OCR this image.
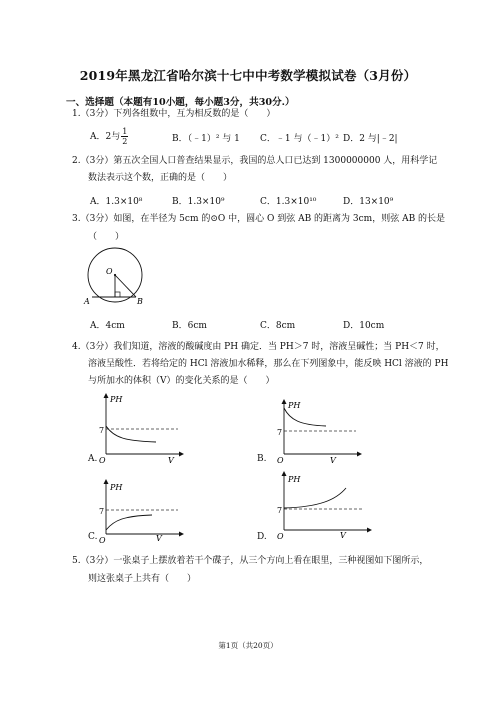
2019年黑龙江省哈尔滨十七中中考数学模拟试卷（3月份）
一、选择题（本题有10小题，每小题3分，共30分.）
1.（3分）下列各组数中，互为相反数的是（　　）
A．2与 $\frac{1}{2}$	B．（﹣1）² 与 1 C．﹣1 与（﹣1）² D．2 与|﹣2|
2.（3分）第五次全国人口普查结果显示，我国的总人口已达到 1300000000 人，用科学记
数法表示这个数，正确的是（　　）
A．1.3×10⁸	B．1.3×10⁹	C．1.3×10¹⁰	D．13×10⁹
3.（3分）如图，在半径为 5cm 的⊙O 中，圆心 O 到弦 AB 的距离为 3cm，则弦 AB 的长是
（　　）
O
A	B
A．4cm	B．6cm	C．8cm	D．10cm
4.（3分）我们知道，溶液的酸碱度由 PH 确定．当 PH＞7 时，溶液呈碱性；当 PH＜7 时，
溶液呈酸性．若将给定的 HCl 溶液加水稀释，那么在下列图象中，能反映 HCl 溶液的 PH
与所加水的体积（V）的变化关系的是（　　）
PH
7
O	V
A.
PH
7
O	V
B.
PH
7
O	V
C.
PH
7
O	V
D.
5.（3分）一张桌子上摆放着若干个碟子，从三个方向上看在眼里，三种视图如下图所示，
则这张桌子上共有（　　）
第1页（共20页）
